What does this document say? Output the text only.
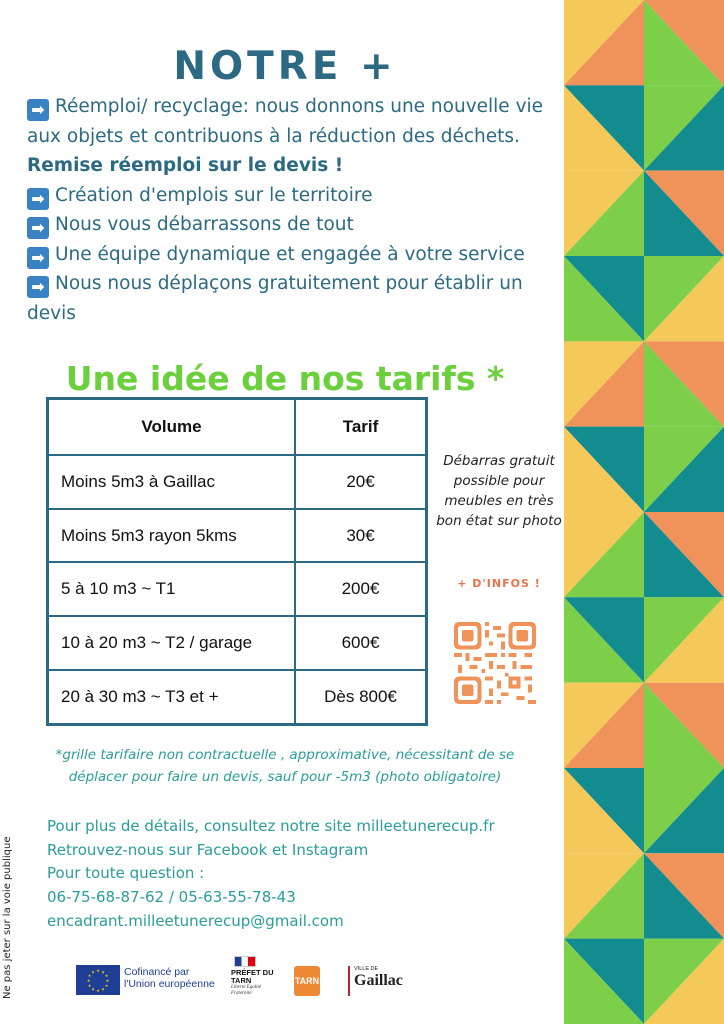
NOTRE +
➡ Réemploi/ recyclage: nous donnons une nouvelle vie aux objets et contribuons à la réduction des déchets. Remise réemploi sur le devis !
➡ Création d'emplois sur le territoire
➡ Nous vous débarrassons de tout
➡ Une équipe dynamique et engagée à votre service
➡ Nous nous déplaçons gratuitement pour établir un devis
Une idée de nos tarifs *
Volume	Tarif
Moins 5m3 à Gaillac	20€
Moins 5m3 rayon 5kms	30€
5 à 10 m3 ~ T1	200€
10 à 20 m3 ~ T2 / garage	600€
20 à 30 m3 ~ T3 et +	Dès 800€
Débarras gratuit possible pour meubles en très bon état sur photo
+ D'INFOS !
*grille tarifaire non contractuelle , approximative, nécessitant de se déplacer pour faire un devis, sauf pour -5m3 (photo obligatoire)
Pour plus de détails, consultez notre site milleetunerecup.fr
Retrouvez-nous sur Facebook et Instagram
Pour toute question :
06-75-68-87-62 / 05-63-55-78-43
encadrant.milleetunerecup@gmail.com
Ne pas jeter sur la voie publique	★ ★
★
★
★
★
★
★
★
★
★
★	Cofinancé par l'Union européenne
PRÉFET DU TARN
Liberté Égalité Fraternité
TARN
VILLE DE
Gaillac
